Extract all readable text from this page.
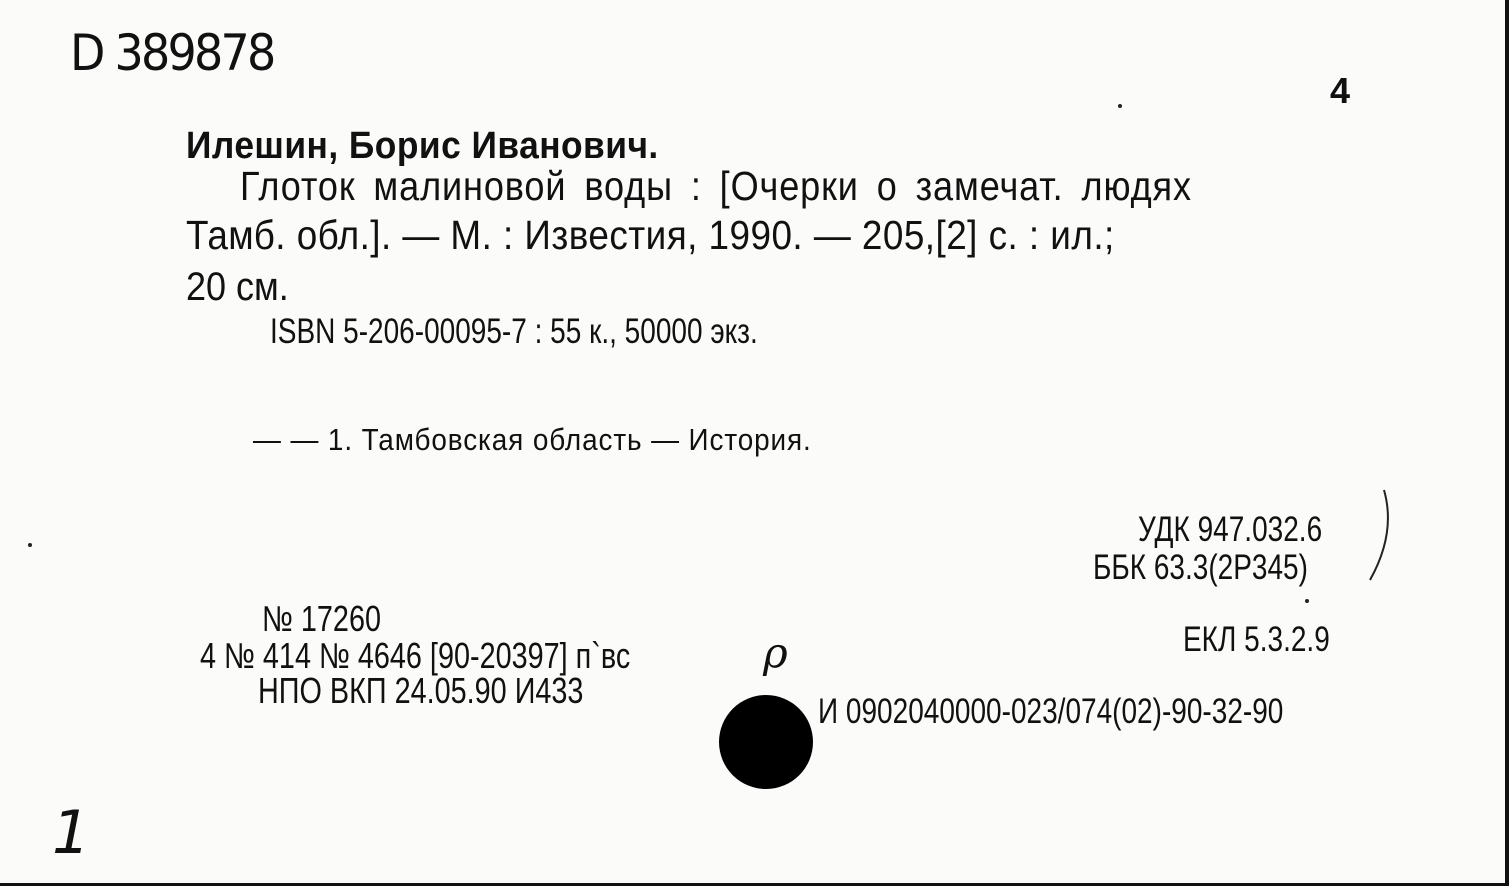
D 389878
4
Илешин, Борис Иванович.
Глоток малиновой воды : [Очерки о замечат. людях
Тамб. обл.]. — М. : Известия, 1990. — 205,[2] с. : ил.;
20 см.
ISBN 5-206-00095-7 : 55 к., 50000 экз.
— — 1. Тамбовская область — История.
УДК 947.032.6
ББК 63.3(2Р345)
№ 17260
4 № 414 № 4646 [90-20397] п`вс	ρ
НПО ВКП 24.05.90 И433
ЕКЛ 5.3.2.9
И 0902040000-023/074(02)-90-32-90
1
